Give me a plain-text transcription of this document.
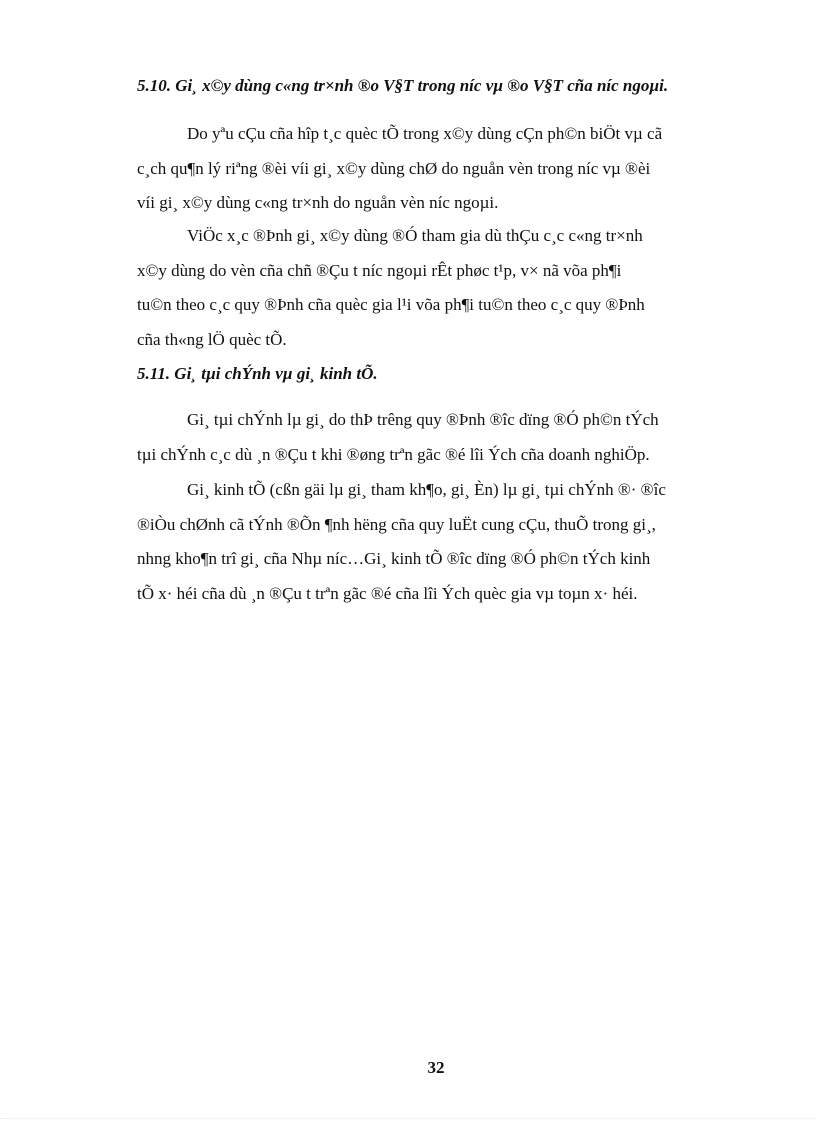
5.10. Gi¸ x©y dùng c«ng tr×nh ®o V§T trong níc vµ ®o V§T cña níc ngoµi.
Do yªu cÇu cña hîp t¸c quèc tÕ trong x©y dùng cÇn ph©n biÖt vµ cã
c¸ch qu¶n lý riªng ®èi víi gi¸ x©y dùng chØ do nguån vèn trong níc vµ ®èi
víi gi¸ x©y dùng c«ng tr×nh do nguån vèn níc ngoµi.
ViÖc x¸c ®Þnh gi¸ x©y dùng ®Ó tham gia dù thÇu c¸c c«ng tr×nh
x©y dùng do vèn cña chñ ®Çu t níc ngoµi rÊt phøc t¹p, v× nã võa ph¶i
tu©n theo c¸c quy ®Þnh cña quèc gia l¹i võa ph¶i tu©n theo c¸c quy ®Þnh
cña th«ng lÖ quèc tÕ.
5.11. Gi¸ tµi chÝnh vµ gi¸ kinh tÕ.
Gi¸ tµi chÝnh lµ gi¸ do thÞ trêng quy ®Þnh ®îc dïng ®Ó ph©n tÝch
tµi chÝnh c¸c dù ¸n ®Çu t khi ®øng trªn gãc ®é lîi Ých cña doanh nghiÖp.
Gi¸ kinh tÕ (cßn gäi lµ gi¸ tham kh¶o, gi¸ Èn) lµ gi¸ tµi chÝnh ®· ®îc
®iÒu chØnh cã tÝnh ®Õn ¶nh hëng cña quy luËt cung cÇu, thuÕ trong gi¸,
nhng kho¶n trî gi¸ cña Nhµ níc…Gi¸ kinh tÕ ®îc dïng ®Ó ph©n tÝch kinh
tÕ x· héi cña dù ¸n ®Çu t trªn gãc ®é cña lîi Ých quèc gia vµ toµn x· héi.
32
